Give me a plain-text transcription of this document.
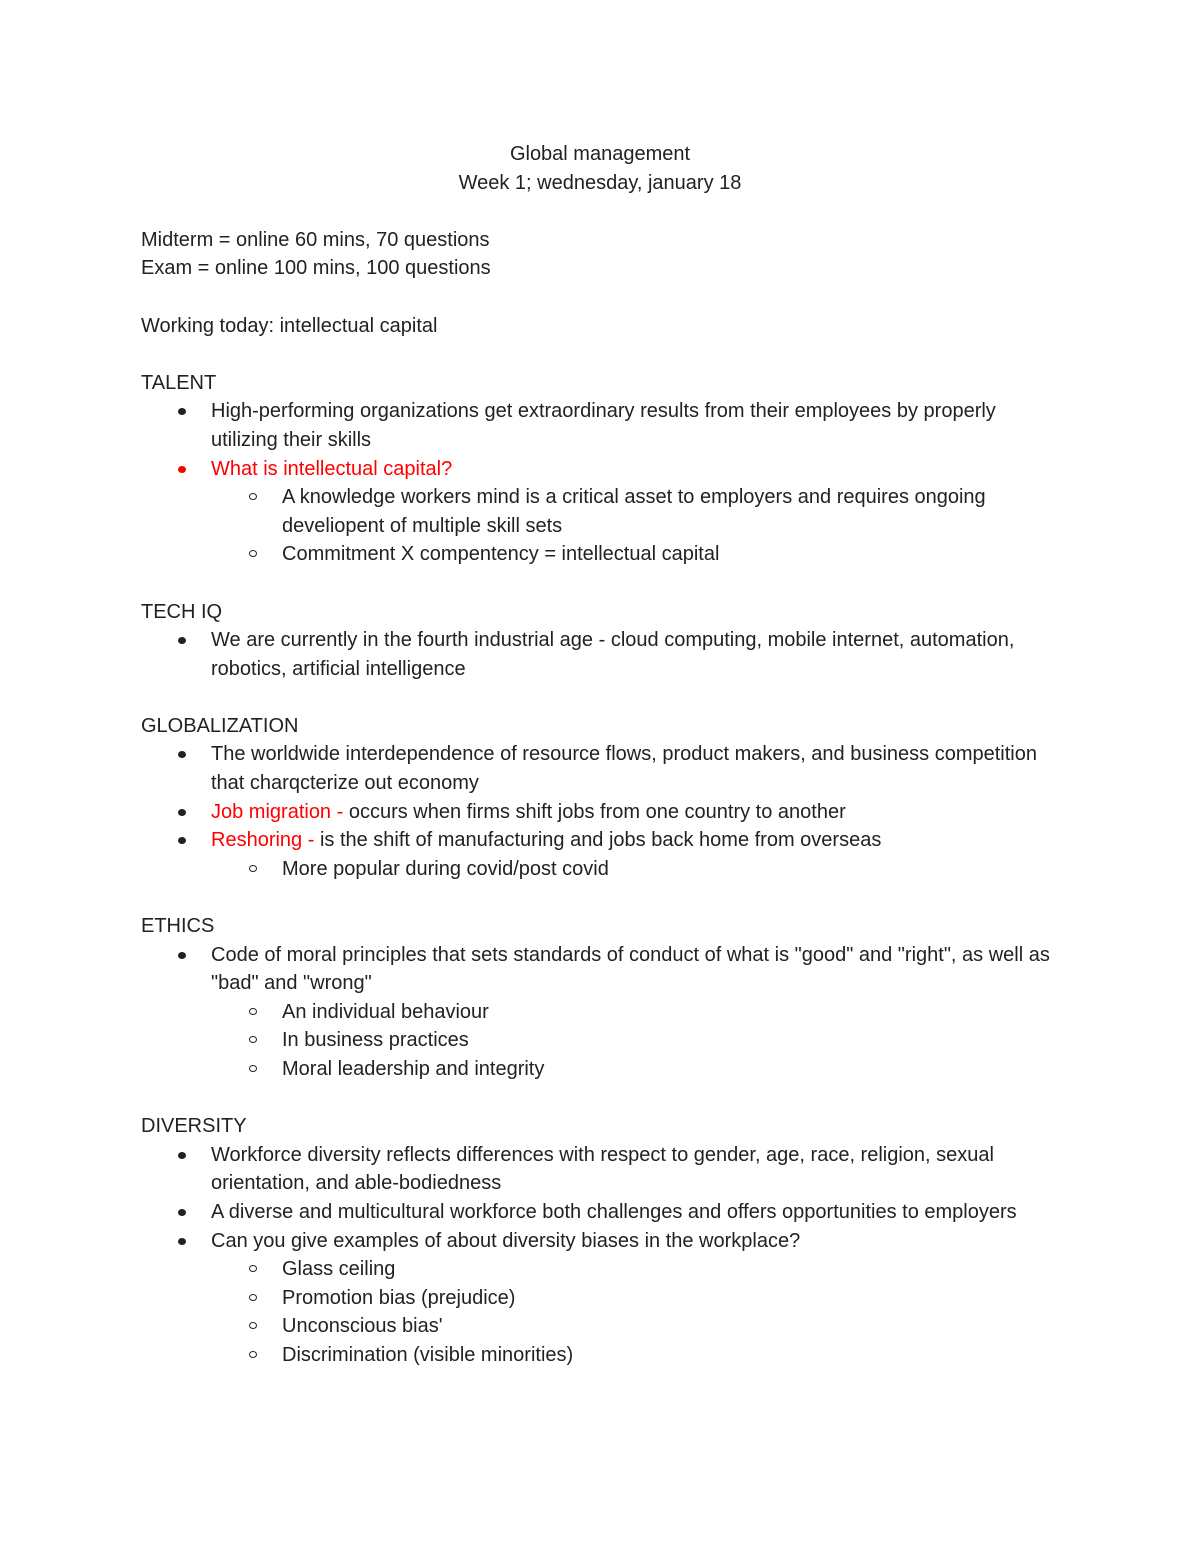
Global management
Week 1; wednesday, january 18
Midterm = online 60 mins, 70 questions
Exam = online 100 mins, 100 questions
Working today: intellectual capital
TALENT
High-performing organizations get extraordinary results from their employees by properly utilizing their skills
What is intellectual capital?
A knowledge workers mind is a critical asset to employers and requires ongoing develiopent of multiple skill sets
Commitment X compentency = intellectual capital
TECH IQ
We are currently in the fourth industrial age - cloud computing, mobile internet, automation, robotics, artificial intelligence
GLOBALIZATION
The worldwide interdependence of resource flows, product makers, and business competition that charqcterize out economy
Job migration - occurs when firms shift jobs from one country to another
Reshoring - is the shift of manufacturing and jobs back home from overseas
More popular during covid/post covid
ETHICS
Code of moral principles that sets standards of conduct of what is "good" and "right", as well as "bad" and "wrong"
An individual behaviour
In business practices
Moral leadership and integrity
DIVERSITY
Workforce diversity reflects differences with respect to gender, age, race, religion, sexual orientation, and able-bodiedness
A diverse and multicultural workforce both challenges and offers opportunities to employers
Can you give examples of about diversity biases in the workplace?
Glass ceiling
Promotion bias (prejudice)
Unconscious bias'
Discrimination (visible minorities)
